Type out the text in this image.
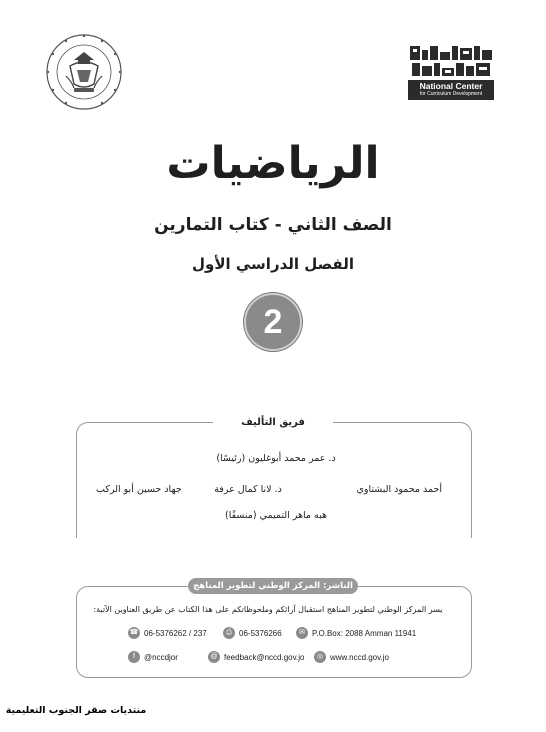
National Center
for Curriculum Development
الرياضيات
الصف الثاني - كتاب التمارين
الفصل الدراسي الأول
2
فريق التأليف
د. عمر محمد أبوغليون (رئيسًا)
أحمد محمود البشتاوي
د. لانا كمال عرفة
جهاد حسين أبو الركب
هبه ماهر التميمي (منسقًا)
الناشر: المركز الوطني لتطوير المناهج
يسر المركز الوطني لتطوير المناهج استقبال آرائكم وملحوظاتكم على هذا الكتاب عن طريق العناوين الآتية:
☎ 06-5376262 / 237	⎙ 06-5376266	✉ P.O.Box: 2088 Amman 11941
f	@nccdjor	@ feedback@nccd.gov.jo	◎ www.nccd.gov.jo
منتديات صقر الجنوب التعليمية
